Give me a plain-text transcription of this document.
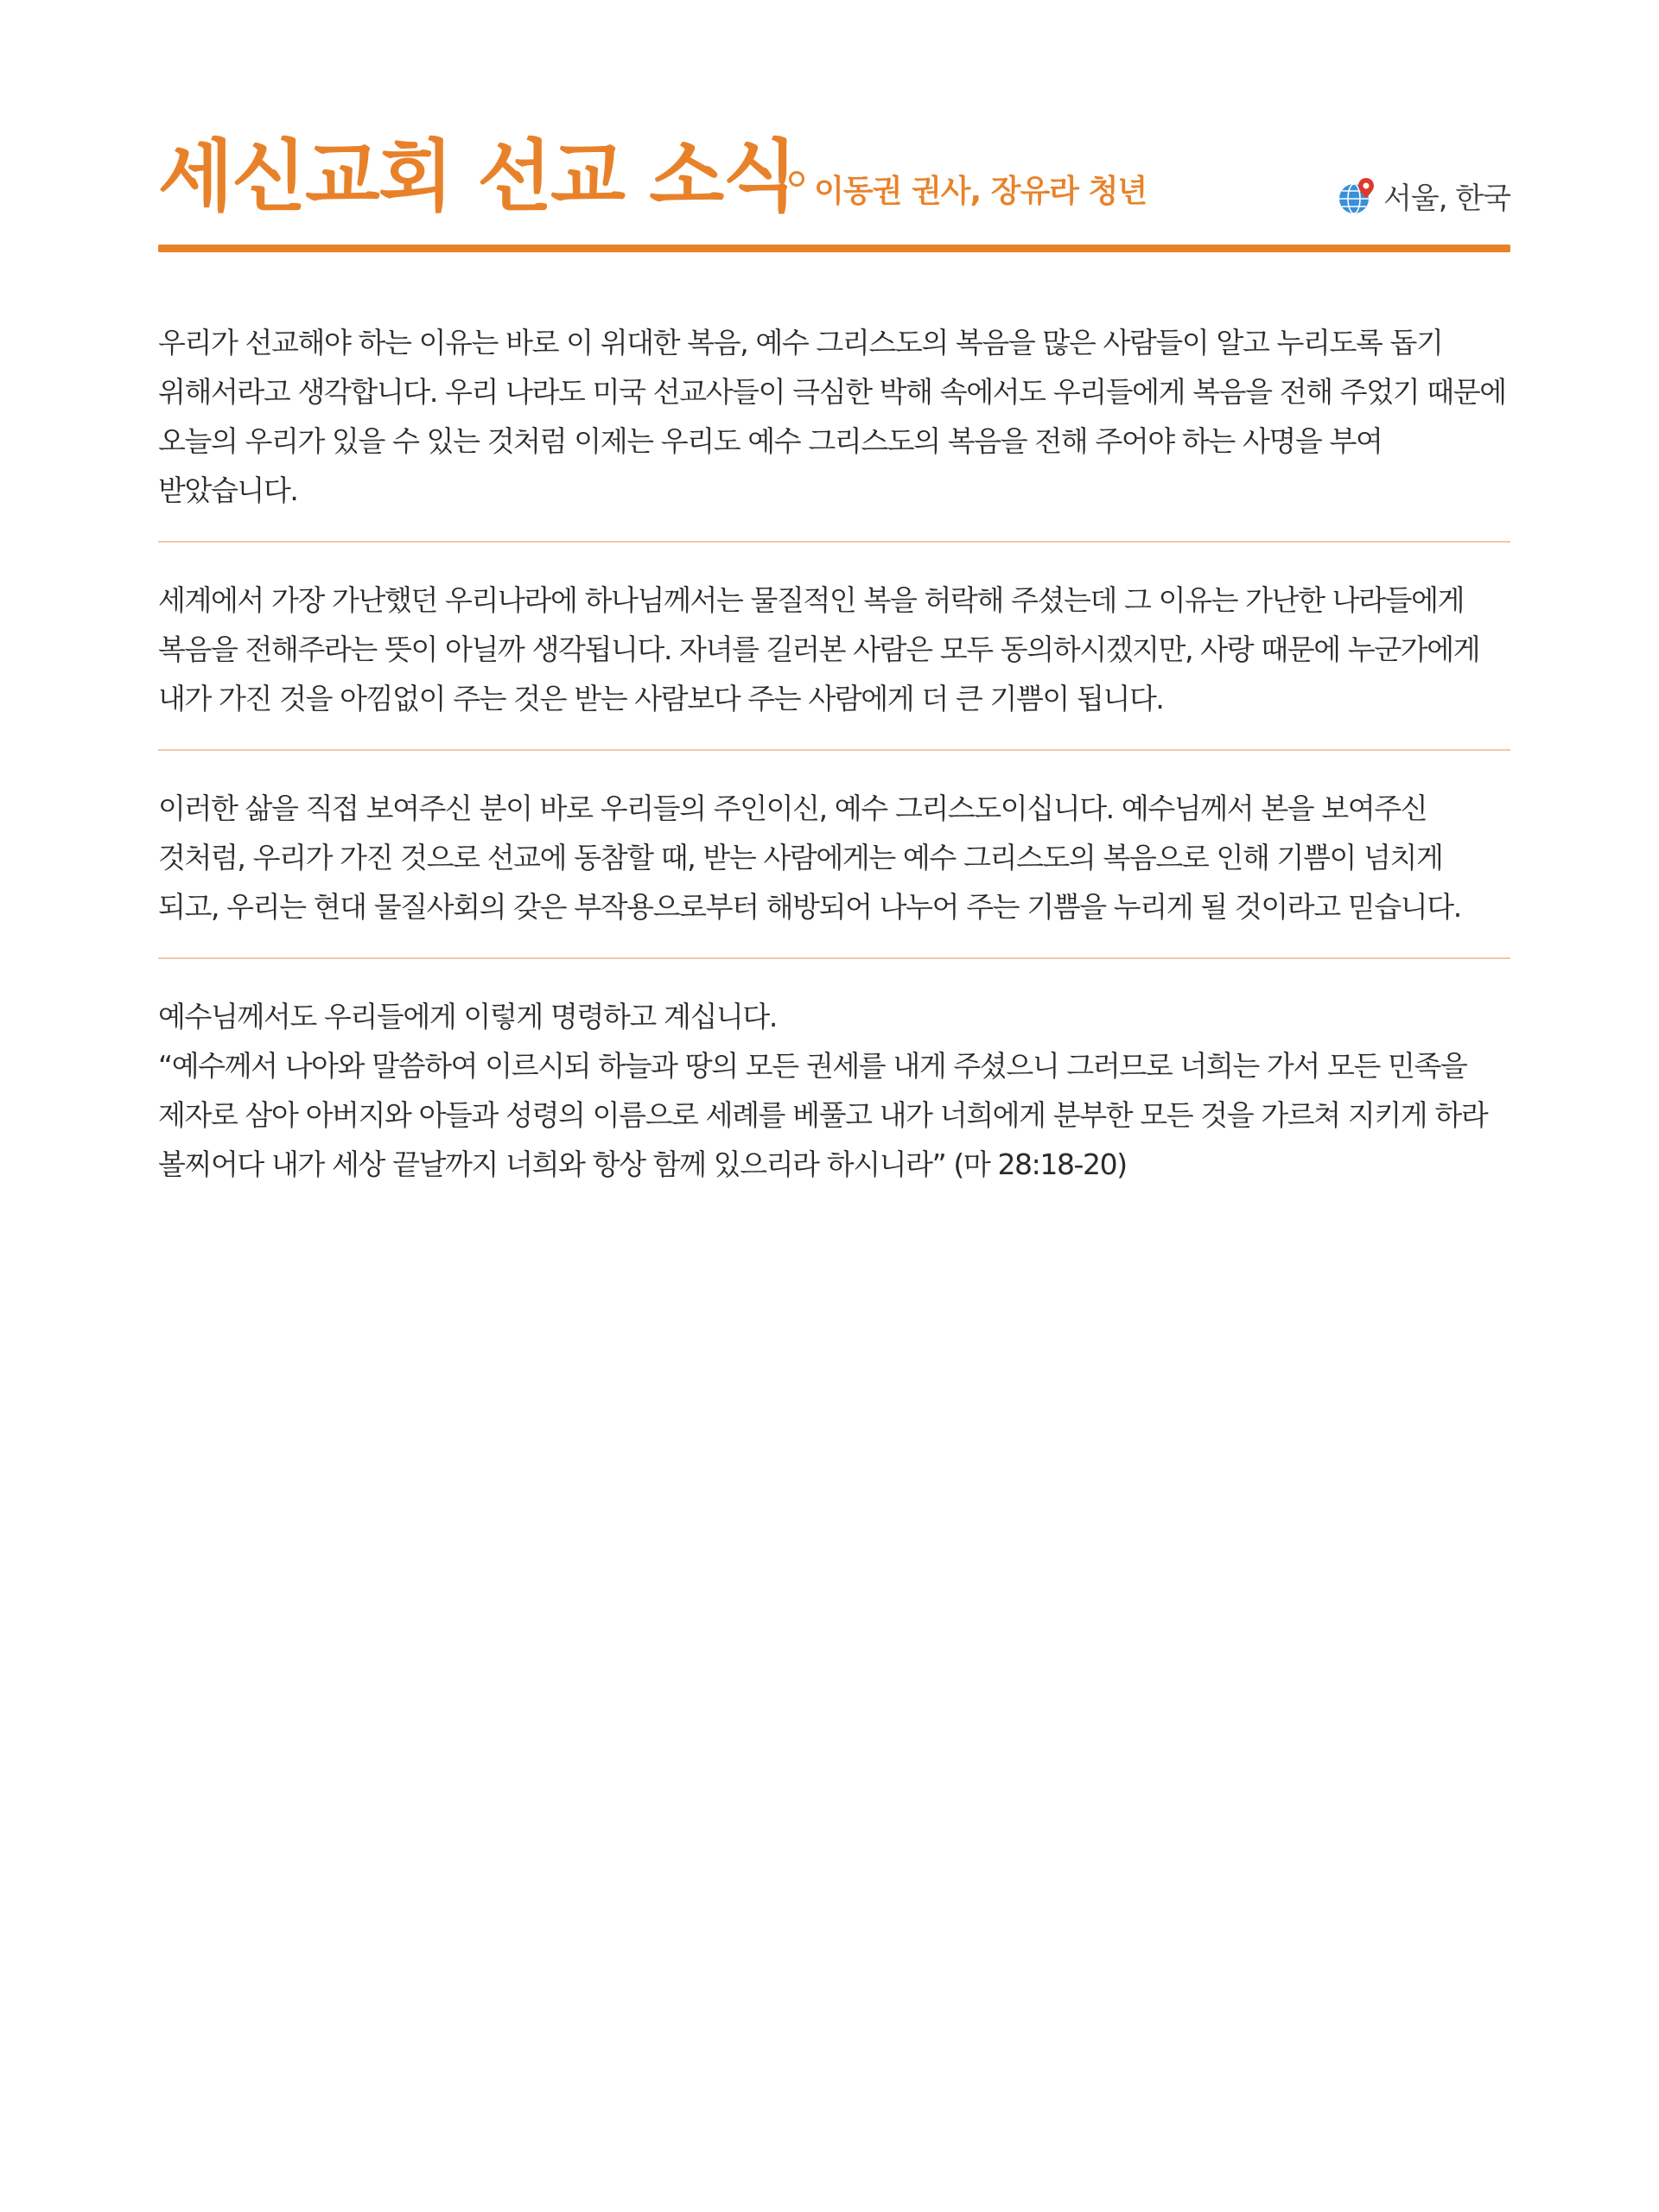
세신교회 선교 소식 이동권 권사, 장유라 청년	서울, 한국

우리가 선교해야 하는 이유는 바로 이 위대한 복음, 예수 그리스도의 복음을 많은 사람들이 알고 누리도록 돕기 위해서라고 생각합니다. 우리 나라도 미국 선교사들이 극심한 박해 속에서도 우리들에게 복음을 전해 주었기 때문에 오늘의 우리가 있을 수 있는 것처럼 이제는 우리도 예수 그리스도의 복음을 전해 주어야 하는 사명을 부여 받았습니다.

세계에서 가장 가난했던 우리나라에 하나님께서는 물질적인 복을 허락해 주셨는데 그 이유는 가난한 나라들에게 복음을 전해주라는 뜻이 아닐까 생각됩니다. 자녀를 길러본 사람은 모두 동의하시겠지만, 사랑 때문에 누군가에게 내가 가진 것을 아낌없이 주는 것은 받는 사람보다 주는 사람에게 더 큰 기쁨이 됩니다.

이러한 삶을 직접 보여주신 분이 바로 우리들의 주인이신, 예수 그리스도이십니다. 예수님께서 본을 보여주신 것처럼, 우리가 가진 것으로 선교에 동참할 때, 받는 사람에게는 예수 그리스도의 복음으로 인해 기쁨이 넘치게 되고, 우리는 현대 물질사회의 갖은 부작용으로부터 해방되어 나누어 주는 기쁨을 누리게 될 것이라고 믿습니다.

예수님께서도 우리들에게 이렇게 명령하고 계십니다.
“예수께서 나아와 말씀하여 이르시되 하늘과 땅의 모든 권세를 내게 주셨으니 그러므로 너희는 가서 모든 민족을 제자로 삼아 아버지와 아들과 성령의 이름으로 세례를 베풀고 내가 너희에게 분부한 모든 것을 가르쳐 지키게 하라 볼찌어다 내가 세상 끝날까지 너희와 항상 함께 있으리라 하시니라” (마 28:18-20)
